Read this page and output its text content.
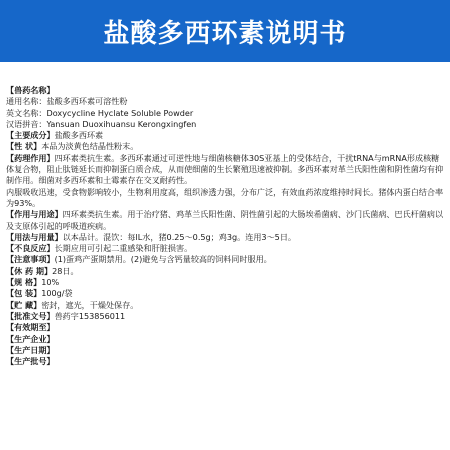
盐酸多西环素说明书
【兽药名称】
通用名称：盐酸多西环素可溶性粉
英文名称：Doxycycline Hyclate Soluble Powder
汉语拼音：Yansuan Duoxihuansu Kerongxingfen
【主要成分】盐酸多西环素
【性 状】本品为淡黄色结晶性粉末。
【药理作用】四环素类抗生素。多西环素通过可逆性地与细菌核糖体30S亚基上的受体结合，干扰tRNA与mRNA形成核糖体复合物，阻止肽链延长而抑制蛋白质合成，从而使细菌的生长繁殖迅速被抑制。多西环素对革兰氏阳性菌和阴性菌均有抑制作用。细菌对多西环素和土霉素存在交叉耐药性。
内服吸收迅速，受食物影响较小，生物利用度高，组织渗透力强，分布广泛，有效血药浓度维持时间长。猪体内蛋白结合率为93%。
【作用与用途】四环素类抗生素。用于治疗猪、鸡革兰氏阳性菌、阴性菌引起的大肠埃希菌病、沙门氏菌病、巴氏杆菌病以及支原体引起的呼吸道疾病。
【用法与用量】以本品计。混饮：每lL水，猪0.25～0.5g；鸡3g。连用3～5日。
【不良反应】长期应用可引起二重感染和肝脏损害。
【注意事项】(1)蛋鸡产蛋期禁用。(2)避免与含钙量较高的饲料同时服用。
【休 药 期】28日。
【规 格】10%
【包 装】100g/袋
【贮 藏】密封，遮光，干燥处保存。
【批准文号】兽药字153856011
【有效期至】
【生产企业】
【生产日期】
【生产批号】
